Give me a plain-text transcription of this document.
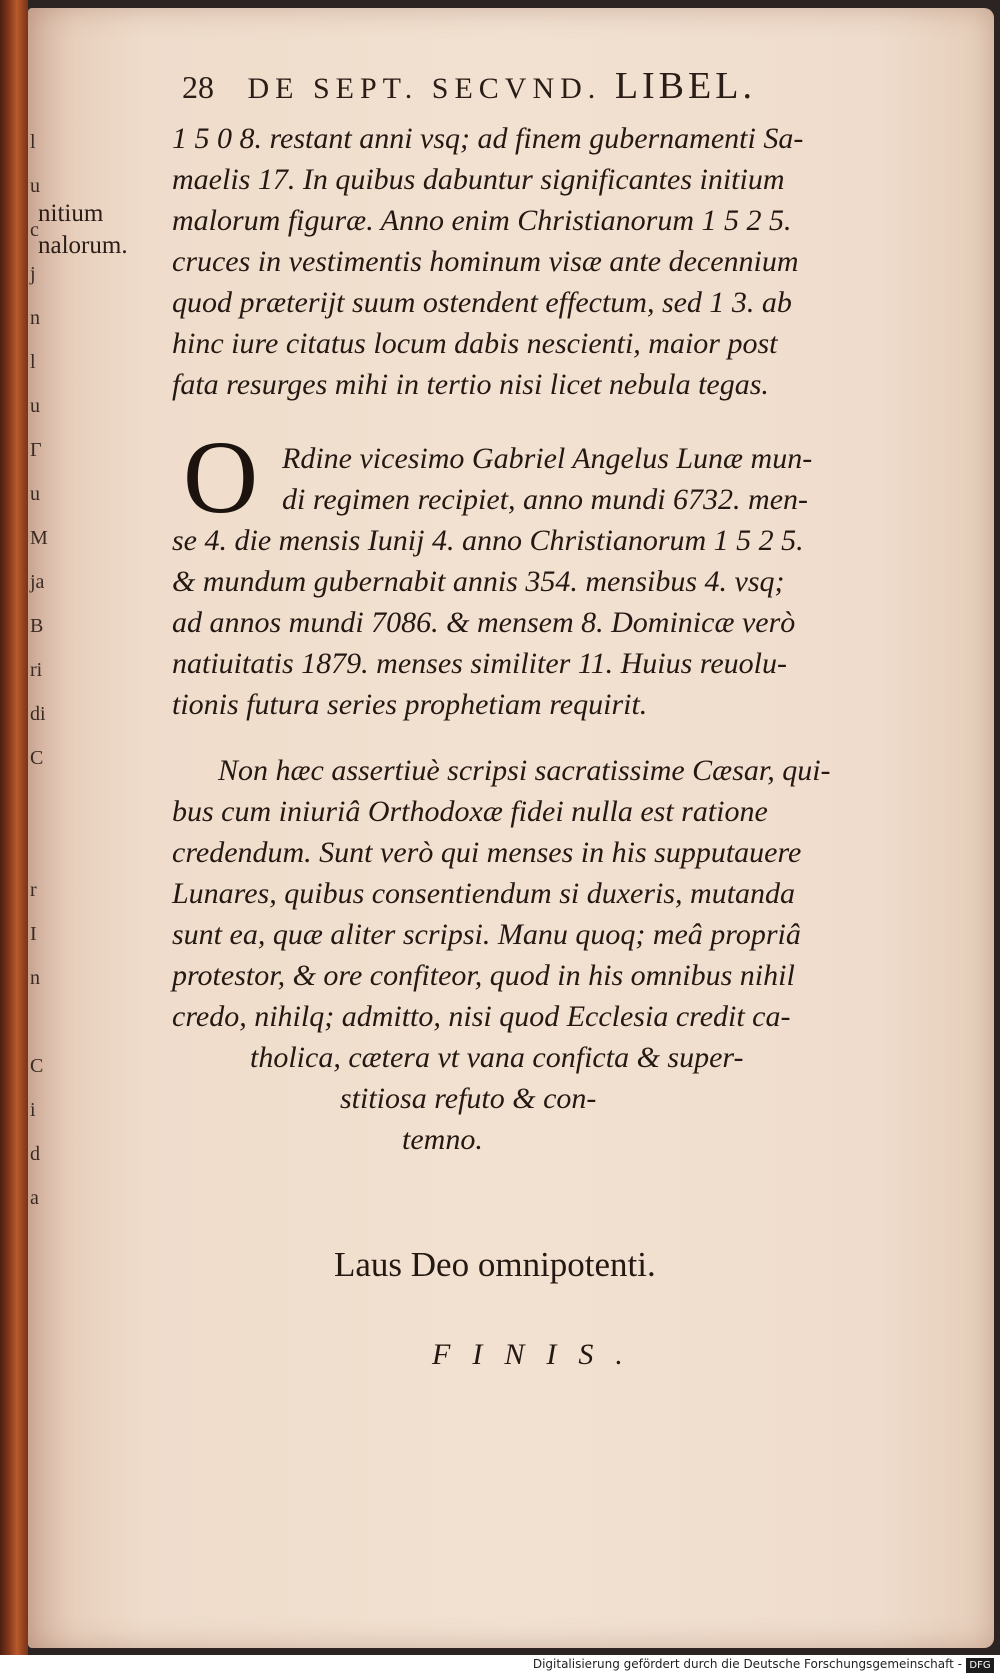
l
u
c
j
n
l
u
Γ
u
M
ja
B
ri
di
C
r
I
n
C
i
d
a
28 DE SEPT. SECVND. LIBEL.
nitium
nalorum.
1 5 0 8. restant anni vsq; ad finem gubernamenti Sa-
maelis 17. In quibus dabuntur significantes initium
malorum figuræ. Anno enim Christianorum 1 5 2 5.
cruces in vestimentis hominum visæ ante decennium
quod præterijt suum ostendent effectum, sed 1 3. ab
hinc iure citatus locum dabis nescienti, maior post
fata resurges mihi in tertio nisi licet nebula tegas.
O Rdine vicesimo Gabriel Angelus Lunæ mun-
di regimen recipiet, anno mundi 6732. men-
se 4. die mensis Iunij 4. anno Christianorum 1 5 2 5.
& mundum gubernabit annis 354. mensibus 4. vsq;
ad annos mundi 7086. & mensem 8. Dominicæ verò
natiuitatis 1879. menses similiter 11. Huius reuolu-
tionis futura series prophetiam requirit.
Non hæc assertiuè scripsi sacratissime Cæsar, qui-
bus cum iniuriâ Orthodoxæ fidei nulla est ratione
credendum. Sunt verò qui menses in his supputauere
Lunares, quibus consentiendum si duxeris, mutanda
sunt ea, quæ aliter scripsi. Manu quoq; meâ propriâ
protestor, & ore confiteor, quod in his omnibus nihil
credo, nihilq; admitto, nisi quod Ecclesia credit ca-
tholica, cætera vt vana conficta & super-
stitiosa refuto & con-
temno.
Laus Deo omnipotenti.
FINIS.
Digitalisierung gefördert durch die Deutsche Forschungsgemeinschaft - DFG
